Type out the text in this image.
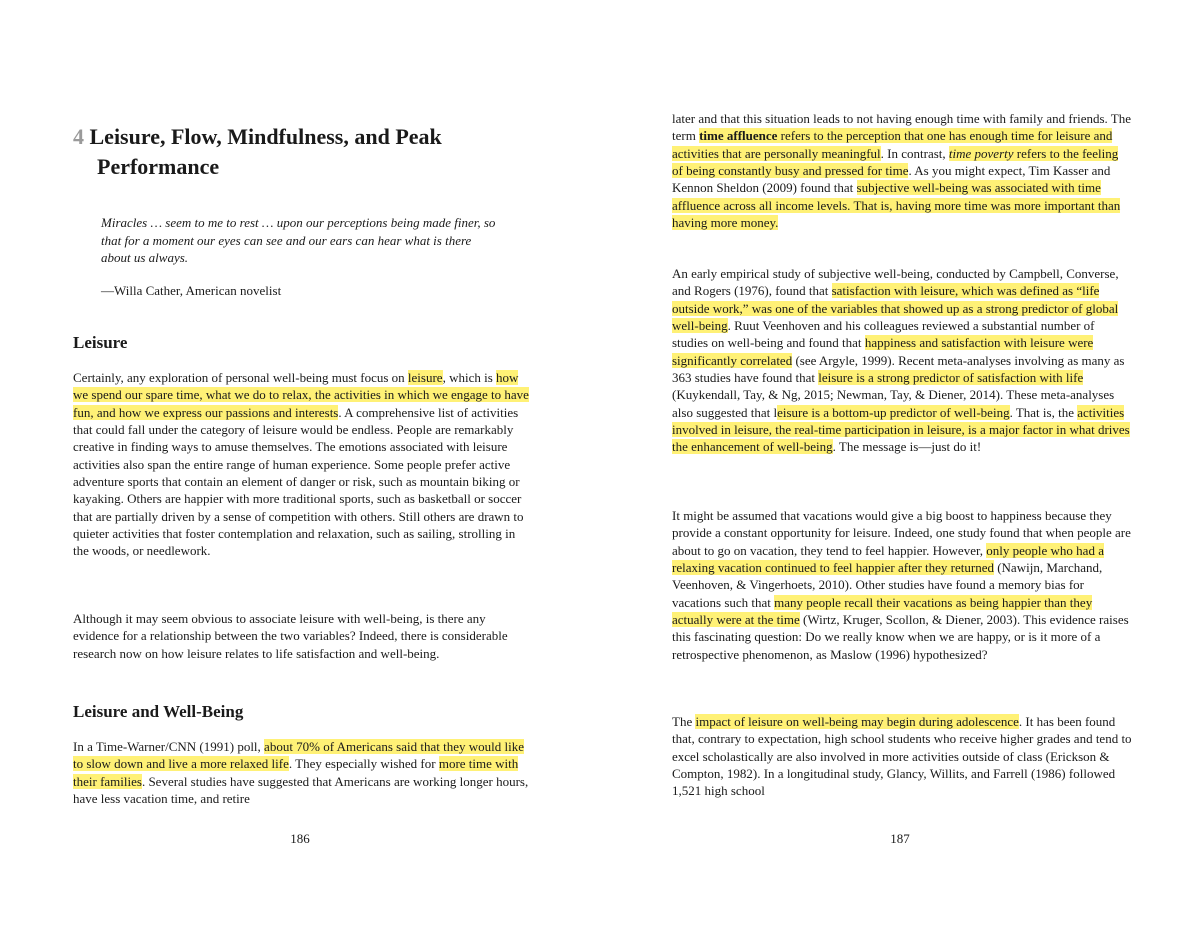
4 Leisure, Flow, Mindfulness, and Peak Performance

Miracles … seem to me to rest … upon our perceptions being made finer, so that for a moment our eyes can see and our ears can hear what is there about us always.

—Willa Cather, American novelist

Leisure

Certainly, any exploration of personal well-being must focus on leisure, which is how we spend our spare time, what we do to relax, the activities in which we engage to have fun, and how we express our passions and interests. A comprehensive list of activities that could fall under the category of leisure would be endless. People are remarkably creative in finding ways to amuse themselves. The emotions associated with leisure activities also span the entire range of human experience. Some people prefer active adventure sports that contain an element of danger or risk, such as mountain biking or kayaking. Others are happier with more traditional sports, such as basketball or soccer that are partially driven by a sense of competition with others. Still others are drawn to quieter activities that foster contemplation and relaxation, such as sailing, strolling in the woods, or needlework.

Although it may seem obvious to associate leisure with well-being, is there any evidence for a relationship between the two variables? Indeed, there is considerable research now on how leisure relates to life satisfaction and well-being.

Leisure and Well-Being

In a Time-Warner/CNN (1991) poll, about 70% of Americans said that they would like to slow down and live a more relaxed life. They especially wished for more time with their families. Several studies have suggested that Americans are working longer hours, have less vacation time, and retire

186

later and that this situation leads to not having enough time with family and friends. The term time affluence refers to the perception that one has enough time for leisure and activities that are personally meaningful. In contrast, time poverty refers to the feeling of being constantly busy and pressed for time. As you might expect, Tim Kasser and Kennon Sheldon (2009) found that subjective well-being was associated with time affluence across all income levels. That is, having more time was more important than having more money.

An early empirical study of subjective well-being, conducted by Campbell, Converse, and Rogers (1976), found that satisfaction with leisure, which was defined as “life outside work,” was one of the variables that showed up as a strong predictor of global well-being. Ruut Veenhoven and his colleagues reviewed a substantial number of studies on well-being and found that happiness and satisfaction with leisure were significantly correlated (see Argyle, 1999). Recent meta-analyses involving as many as 363 studies have found that leisure is a strong predictor of satisfaction with life (Kuykendall, Tay, & Ng, 2015; Newman, Tay, & Diener, 2014). These meta-analyses also suggested that leisure is a bottom-up predictor of well-being. That is, the activities involved in leisure, the real-time participation in leisure, is a major factor in what drives the enhancement of well-being. The message is—just do it!

It might be assumed that vacations would give a big boost to happiness because they provide a constant opportunity for leisure. Indeed, one study found that when people are about to go on vacation, they tend to feel happier. However, only people who had a relaxing vacation continued to feel happier after they returned (Nawijn, Marchand, Veenhoven, & Vingerhoets, 2010). Other studies have found a memory bias for vacations such that many people recall their vacations as being happier than they actually were at the time (Wirtz, Kruger, Scollon, & Diener, 2003). This evidence raises this fascinating question: Do we really know when we are happy, or is it more of a retrospective phenomenon, as Maslow (1996) hypothesized?

The impact of leisure on well-being may begin during adolescence. It has been found that, contrary to expectation, high school students who receive higher grades and tend to excel scholastically are also involved in more activities outside of class (Erickson & Compton, 1982). In a longitudinal study, Glancy, Willits, and Farrell (1986) followed 1,521 high school

187
